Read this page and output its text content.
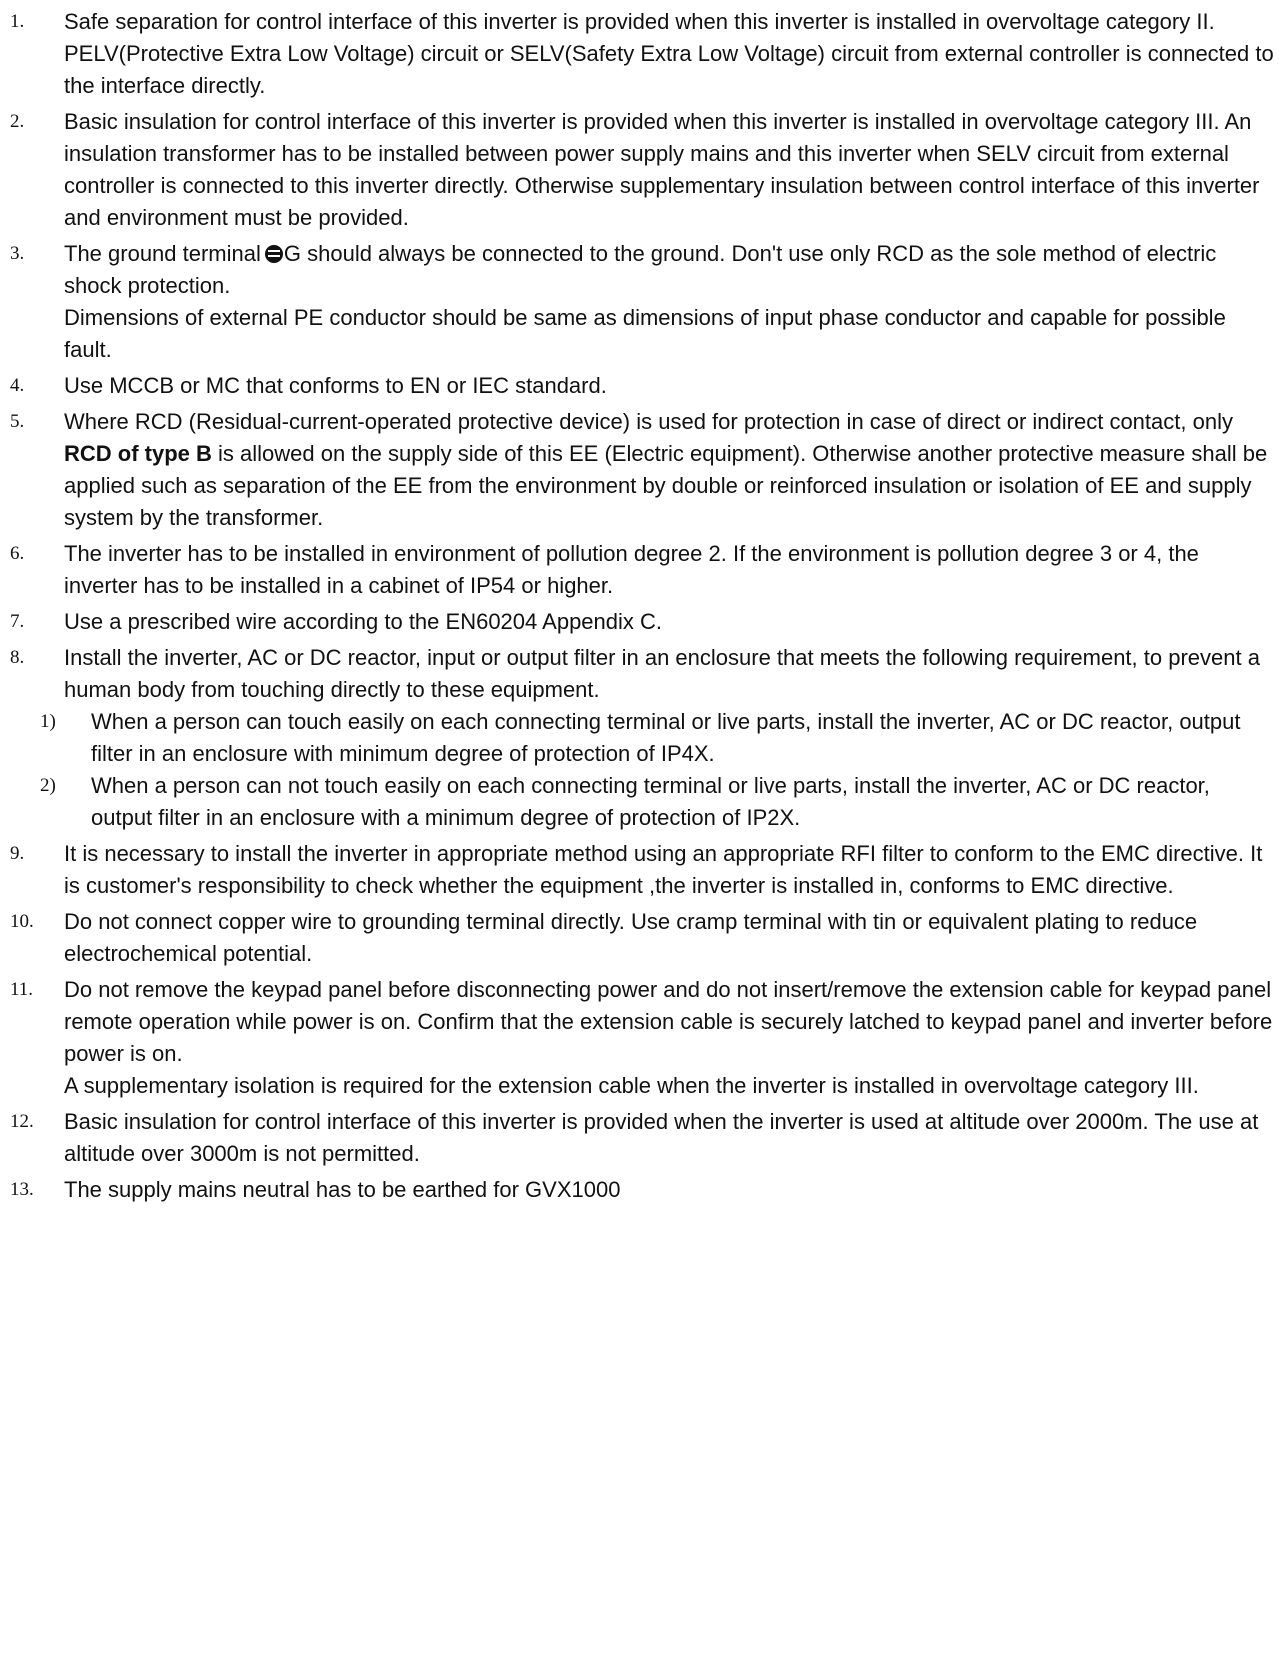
1.	Safe separation for control interface of this inverter is provided when this inverter is installed in overvoltage category II. PELV(Protective Extra Low Voltage) circuit or SELV(Safety Extra Low Voltage) circuit from external controller is connected to the interface directly.
2.	Basic insulation for control interface of this inverter is provided when this inverter is installed in overvoltage category III. An insulation transformer has to be installed between power supply mains and this inverter when SELV circuit from external controller is connected to this inverter directly. Otherwise supplementary insulation between control interface of this inverter and environment must be provided.
3.	The ground terminal G should always be connected to the ground. Don't use only RCD as the sole method of electric shock protection.
Dimensions of external PE conductor should be same as dimensions of input phase conductor and capable for possible fault.
4.	Use MCCB or MC that conforms to EN or IEC standard.
5.	Where RCD (Residual-current-operated protective device) is used for protection in case of direct or indirect contact, only RCD of type B is allowed on the supply side of this EE (Electric equipment). Otherwise another protective measure shall be applied such as separation of the EE from the environment by double or reinforced insulation or isolation of EE and supply system by the transformer.
6.	The inverter has to be installed in environment of pollution degree 2. If the environment is pollution degree 3 or 4, the inverter has to be installed in a cabinet of IP54 or higher.
7.	Use a prescribed wire according to the EN60204 Appendix C.
8.	Install the inverter, AC or DC reactor, input or output filter in an enclosure that meets the following requirement, to prevent a human body from touching directly to these equipment.
1) When a person can touch easily on each connecting terminal or live parts, install the inverter, AC or DC reactor, output filter in an enclosure with minimum degree of protection of IP4X.
2) When a person can not touch easily on each connecting terminal or live parts, install the inverter, AC or DC reactor, output filter in an enclosure with a minimum degree of protection of IP2X.
9.	It is necessary to install the inverter in appropriate method using an appropriate RFI filter to conform to the EMC directive. It is customer's responsibility to check whether the equipment ,the inverter is installed in, conforms to EMC directive.
10.	Do not connect copper wire to grounding terminal directly. Use cramp terminal with tin or equivalent plating to reduce electrochemical potential.
11.	Do not remove the keypad panel before disconnecting power and do not insert/remove the extension cable for keypad panel remote operation while power is on. Confirm that the extension cable is securely latched to keypad panel and inverter before power is on.
A supplementary isolation is required for the extension cable when the inverter is installed in overvoltage category III.
12.	Basic insulation for control interface of this inverter is provided when the inverter is used at altitude over 2000m. The use at altitude over 3000m is not permitted.
13.	The supply mains neutral has to be earthed for GVX1000
